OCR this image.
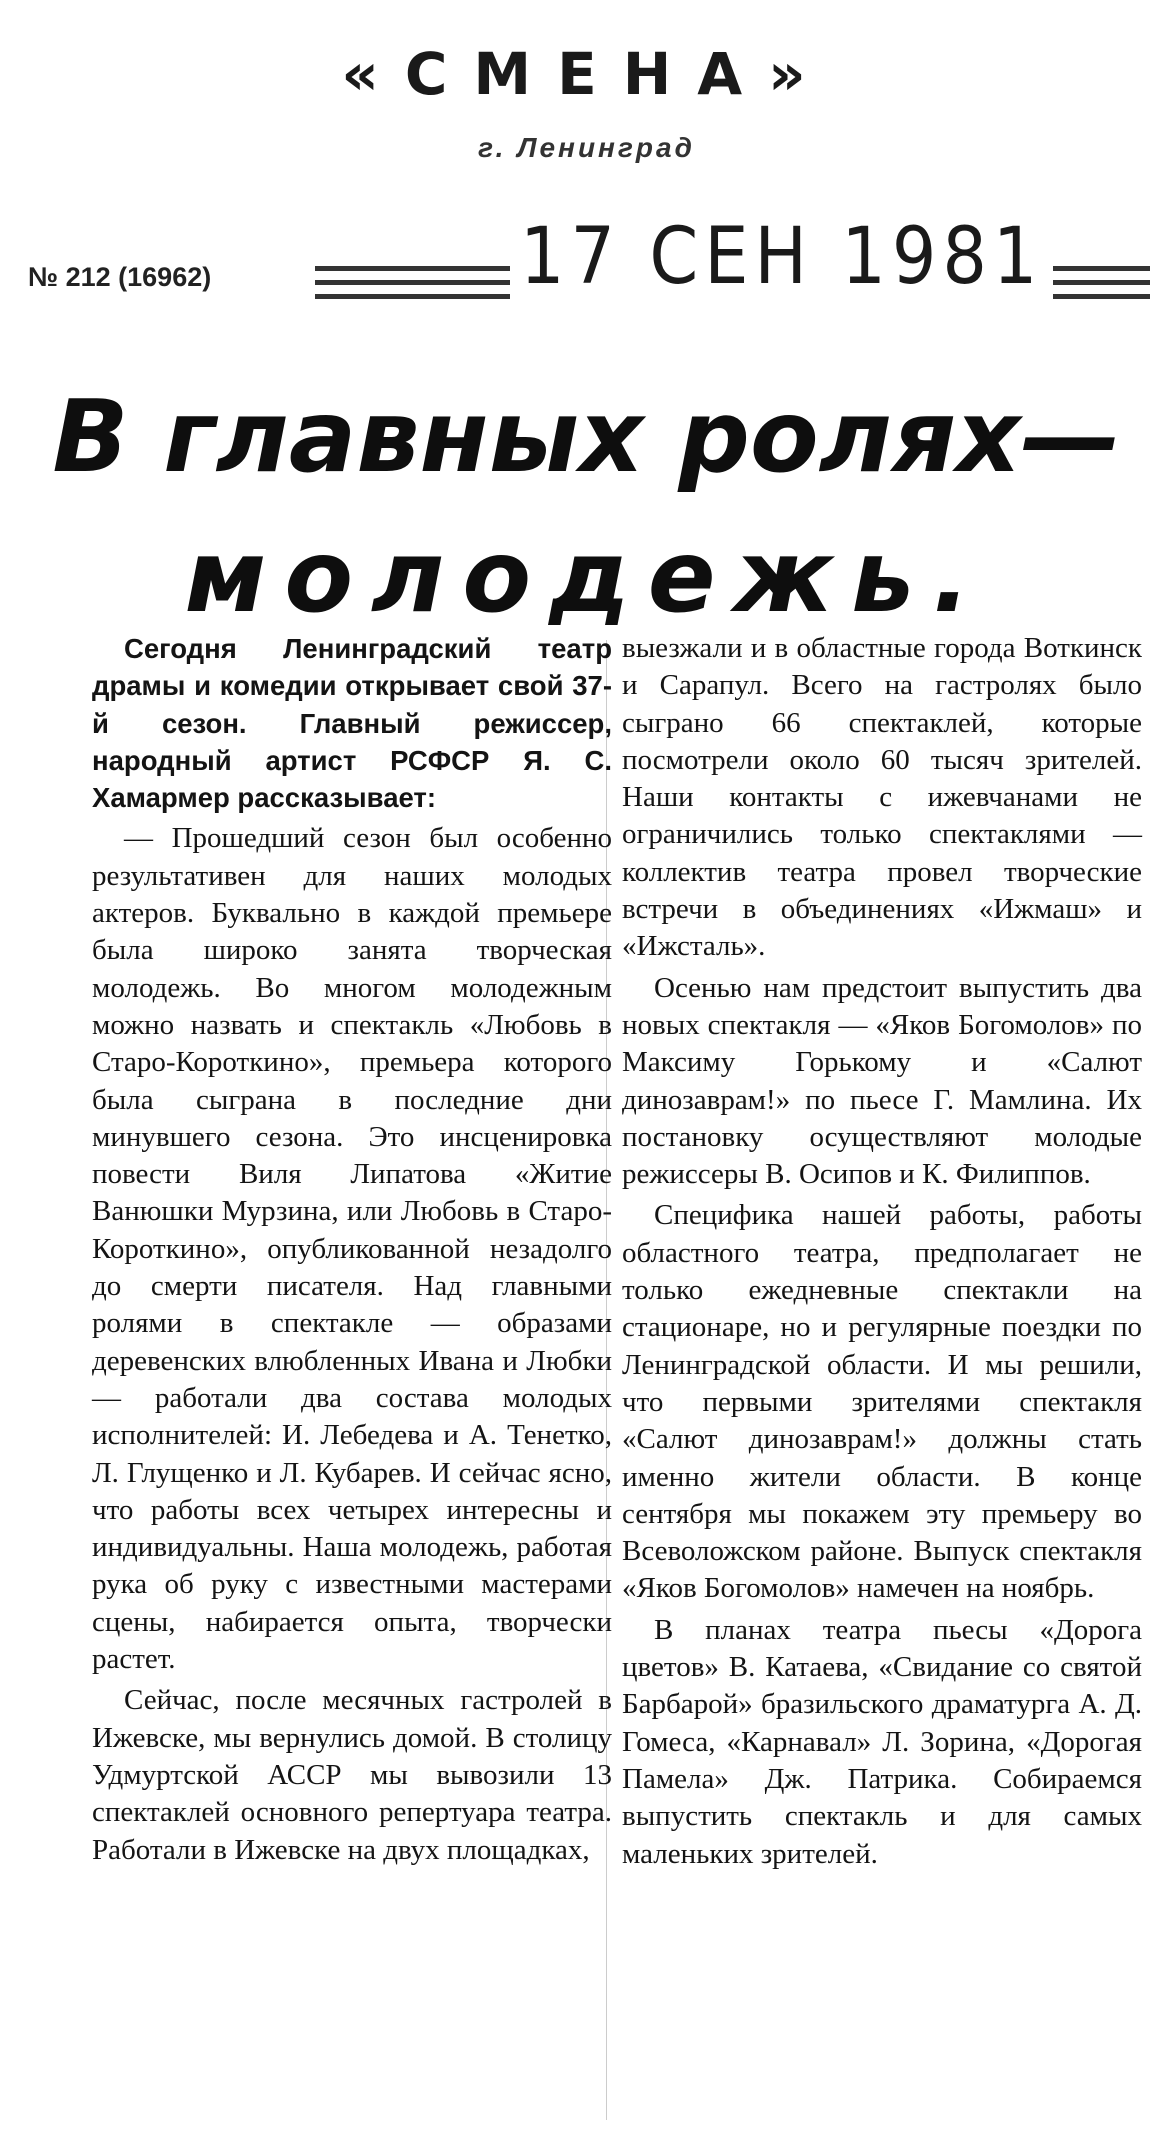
«СМЕНА»
г. Ленинград
№ 212 (16962)	17 СЕН 1981
В главных ролях—
молодежь.

Сегодня Ленинградский театр драмы и комедии открывает свой 37-й сезон. Главный режиссер, народный артист РСФСР Я. С. Хамармер рассказывает:

— Прошедший сезон был особенно результативен для наших молодых актеров. Буквально в каждой премьере была широко занята творческая молодежь. Во многом молодежным можно назвать и спектакль «Любовь в Старо-Короткино», премьера которого была сыграна в последние дни минувшего сезона. Это инсценировка повести Виля Липатова «Житие Ванюшки Мурзина, или Любовь в Старо-Короткино», опубликованной незадолго до смерти писателя. Над главными ролями в спектакле — образами деревенских влюбленных Ивана и Любки — работали два состава молодых исполнителей: И. Лебедева и А. Тенетко, Л. Глущенко и Л. Кубарев. И сейчас ясно, что работы всех четырех интересны и индивидуальны. Наша молодежь, работая рука об руку с известными мастерами сцены, набирается опыта, творчески растет.

Сейчас, после месячных гастролей в Ижевске, мы вернулись домой. В столицу Удмуртской АССР мы вывозили 13 спектаклей основного репертуара театра. Работали в Ижевске на двух площадках,

выезжали и в областные города Воткинск и Сарапул. Всего на гастролях было сыграно 66 спектаклей, которые посмотрели около 60 тысяч зрителей. Наши контакты с ижевчанами не ограничились только спектаклями — коллектив театра провел творческие встречи в объединениях «Ижмаш» и «Ижсталь».

Осенью нам предстоит выпустить два новых спектакля — «Яков Богомолов» по Максиму Горькому и «Салют динозаврам!» по пьесе Г. Мамлина. Их постановку осуществляют молодые режиссеры В. Осипов и К. Филиппов.

Специфика нашей работы, работы областного театра, предполагает не только ежедневные спектакли на стационаре, но и регулярные поездки по Ленинградской области. И мы решили, что первыми зрителями спектакля «Салют динозаврам!» должны стать именно жители области. В конце сентября мы покажем эту премьеру во Всеволожском районе. Выпуск спектакля «Яков Богомолов» намечен на ноябрь.

В планах театра пьесы «Дорога цветов» В. Катаева, «Свидание со святой Барбарой» бразильского драматурга А. Д. Гомеса, «Карнавал» Л. Зорина, «Дорогая Памела» Дж. Патрика. Собираемся выпустить спектакль и для самых маленьких зрителей.
